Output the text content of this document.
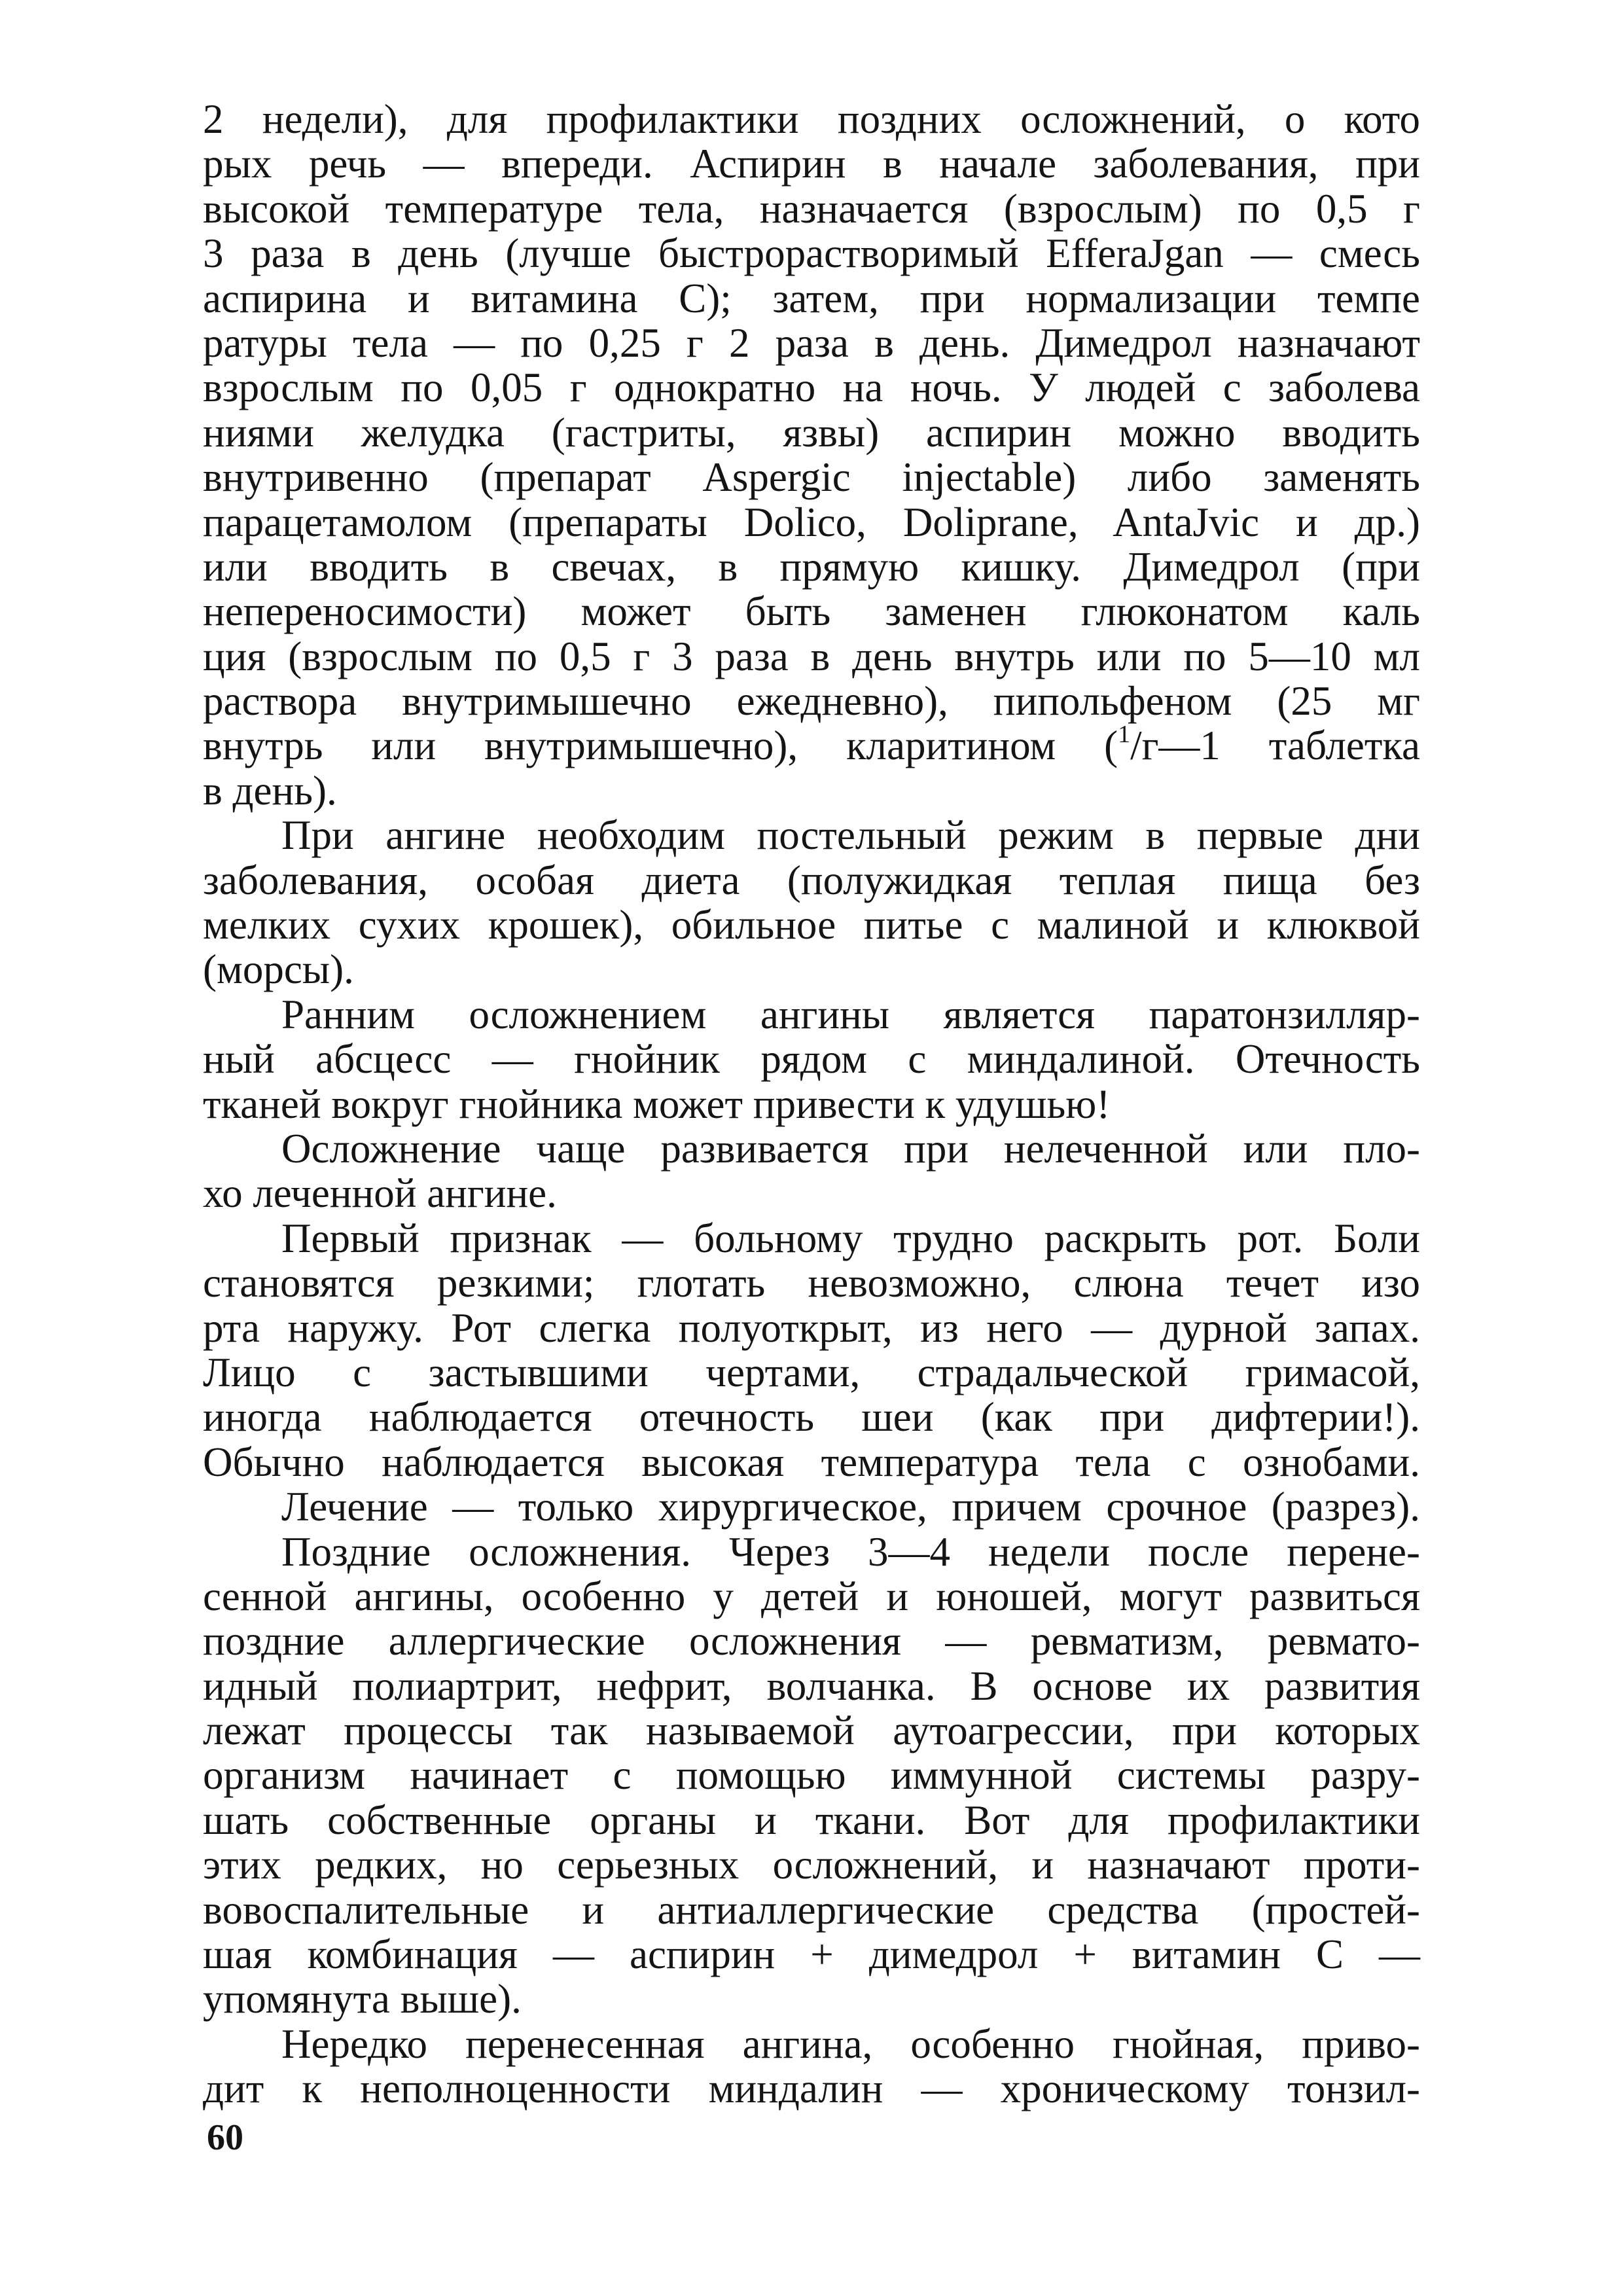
2 недели), для профилактики поздних осложнений, о кото
рых речь — впереди. Аспирин в начале заболевания, при
высокой температуре тела, назначается (взрослым) по 0,5 г
3 раза в день (лучше быстрорастворимый EfferaJgan — смесь
аспирина и витамина С); затем, при нормализации темпе
ратуры тела — по 0,25 г 2 раза в день. Димедрол назначают
взрослым по 0,05 г однократно на ночь. У людей с заболева
ниями желудка (гастриты, язвы) аспирин можно вводить
внутривенно (препарат Aspergic injectable) либо заменять
парацетамолом (препараты Dolico, Doliprane, AntaJvic и др.)
или вводить в свечах, в прямую кишку. Димедрол (при
непереносимости) может быть заменен глюконатом каль
ция (взрослым по 0,5 г 3 раза в день внутрь или по 5—10 мл
раствора внутримышечно ежедневно), пипольфеном (25 мг
внутрь или внутримышечно), кларитином ($^1$/г—1 таблетка
в день).
При ангине необходим постельный режим в первые дни
заболевания, особая диета (полужидкая теплая пища без
мелких сухих крошек), обильное питье с малиной и клюквой
(морсы).
Ранним осложнением ангины является паратонзилляр-
ный абсцесс — гнойник рядом с миндалиной. Отечность
тканей вокруг гнойника может привести к удушью!
Осложнение чаще развивается при нелеченной или пло-
хо леченной ангине.
Первый признак — больному трудно раскрыть рот. Боли
становятся резкими; глотать невозможно, слюна течет изо
рта наружу. Рот слегка полуоткрыт, из него — дурной запах.
Лицо с застывшими чертами, страдальческой гримасой,
иногда наблюдается отечность шеи (как при дифтерии!).
Обычно наблюдается высокая температура тела с ознобами.
Лечение — только хирургическое, причем срочное (разрез).
Поздние осложнения. Через 3—4 недели после перене-
сенной ангины, особенно у детей и юношей, могут развиться
поздние аллергические осложнения — ревматизм, ревмато-
идный полиартрит, нефрит, волчанка. В основе их развития
лежат процессы так называемой аутоагрессии, при которых
организм начинает с помощью иммунной системы разру-
шать собственные органы и ткани. Вот для профилактики
этих редких, но серьезных осложнений, и назначают проти-
вовоспалительные и антиаллергические средства (простей-
шая комбинация — аспирин + димедрол + витамин С —
упомянута выше).
Нередко перенесенная ангина, особенно гнойная, приво-
дит к неполноценности миндалин — хроническому тонзил-
60
